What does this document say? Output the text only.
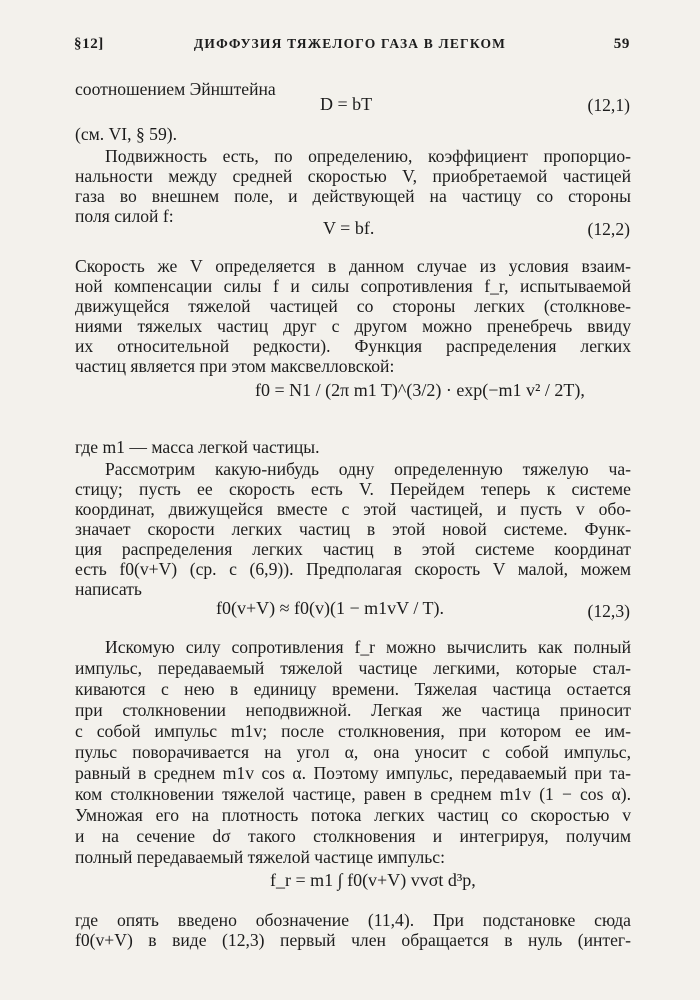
ДИФФУЗИЯ ТЯЖЕЛОГО ГАЗА В ЛЕГКОМ
§12]	59
соотношением Эйнштейна
D = bT	(12,1)
(см. VI, § 59).
Подвижность есть, по определению, коэффициент пропорцио-
нальности между средней скоростью V, приобретаемой частицей
газа во внешнем поле, и действующей на частицу со стороны
поля силой f:
V = bf.	(12,2)
Скорость же V определяется в данном случае из условия взаим-
ной компенсации силы f и силы сопротивления f_r, испытываемой
движущейся тяжелой частицей со стороны легких (столкнове-
ниями тяжелых частиц друг с другом можно пренебречь ввиду
их относительной редкости). Функция распределения легких
частиц является при этом максвелловской:
f0 = N1 / (2π m1 T)^(3/2) · exp(−m1 v² / 2T),
где m1 — масса легкой частицы.
Рассмотрим какую-нибудь одну определенную тяжелую ча-
стицу; пусть ее скорость есть V. Перейдем теперь к системе
координат, движущейся вместе с этой частицей, и пусть v обо-
значает скорости легких частиц в этой новой системе. Функ-
ция распределения легких частиц в этой системе координат
есть f0(v+V) (ср. с (6,9)). Предполагая скорость V малой, можем
написать
f0(v+V) ≈ f0(v)(1 − m1vV / T).	(12,3)
Искомую силу сопротивления f_r можно вычислить как полный
импульс, передаваемый тяжелой частице легкими, которые стал-
киваются с нею в единицу времени. Тяжелая частица остается
при столкновении неподвижной. Легкая же частица приносит
с собой импульс m1v; после столкновения, при котором ее им-
пульс поворачивается на угол α, она уносит с собой импульс,
равный в среднем m1v cos α. Поэтому импульс, передаваемый при та-
ком столкновении тяжелой частице, равен в среднем m1v (1 − cos α).
Умножая его на плотность потока легких частиц со скоростью v
и на сечение dσ такого столкновения и интегрируя, получим
полный передаваемый тяжелой частице импульс:
f_r = m1 ∫ f0(v+V) vvσt d³p,
где опять введено обозначение (11,4). При подстановке сюда
f0(v+V) в виде (12,3) первый член обращается в нуль (интег-
